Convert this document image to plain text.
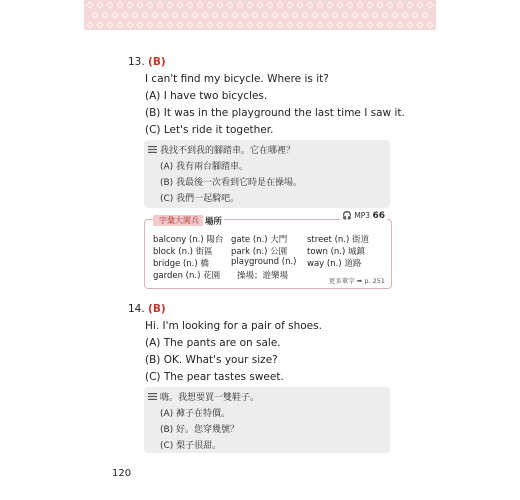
13. (B)
I can't find my bicycle. Where is it?
(A) I have two bicycles.
(B) It was in the playground the last time I saw it.
(C) Let's ride it together.
我找不到我的腳踏車。它在哪裡？
(A) 我有兩台腳踏車。
(B) 我最後一次看到它時是在操場。
(C) 我們一起騎吧。
字彙大闖兵 場所
🎧 MP3 66
balcony (n.) 陽台 gate (n.) 大門 street (n.) 街道
block (n.) 街區 park (n.) 公園 town (n.) 城鎮
bridge (n.) 橋	playground (n.) way (n.) 道路
garden (n.) 花園 操場；遊樂場	更多單字 ➡ p. 251
14. (B)
Hi. I'm looking for a pair of shoes.
(A) The pants are on sale.
(B) OK. What's your size?
(C) The pear tastes sweet.
嗨。我想要買一雙鞋子。
(A) 褲子在特價。
(B) 好。您穿幾號？
(C) 梨子很甜。
120
